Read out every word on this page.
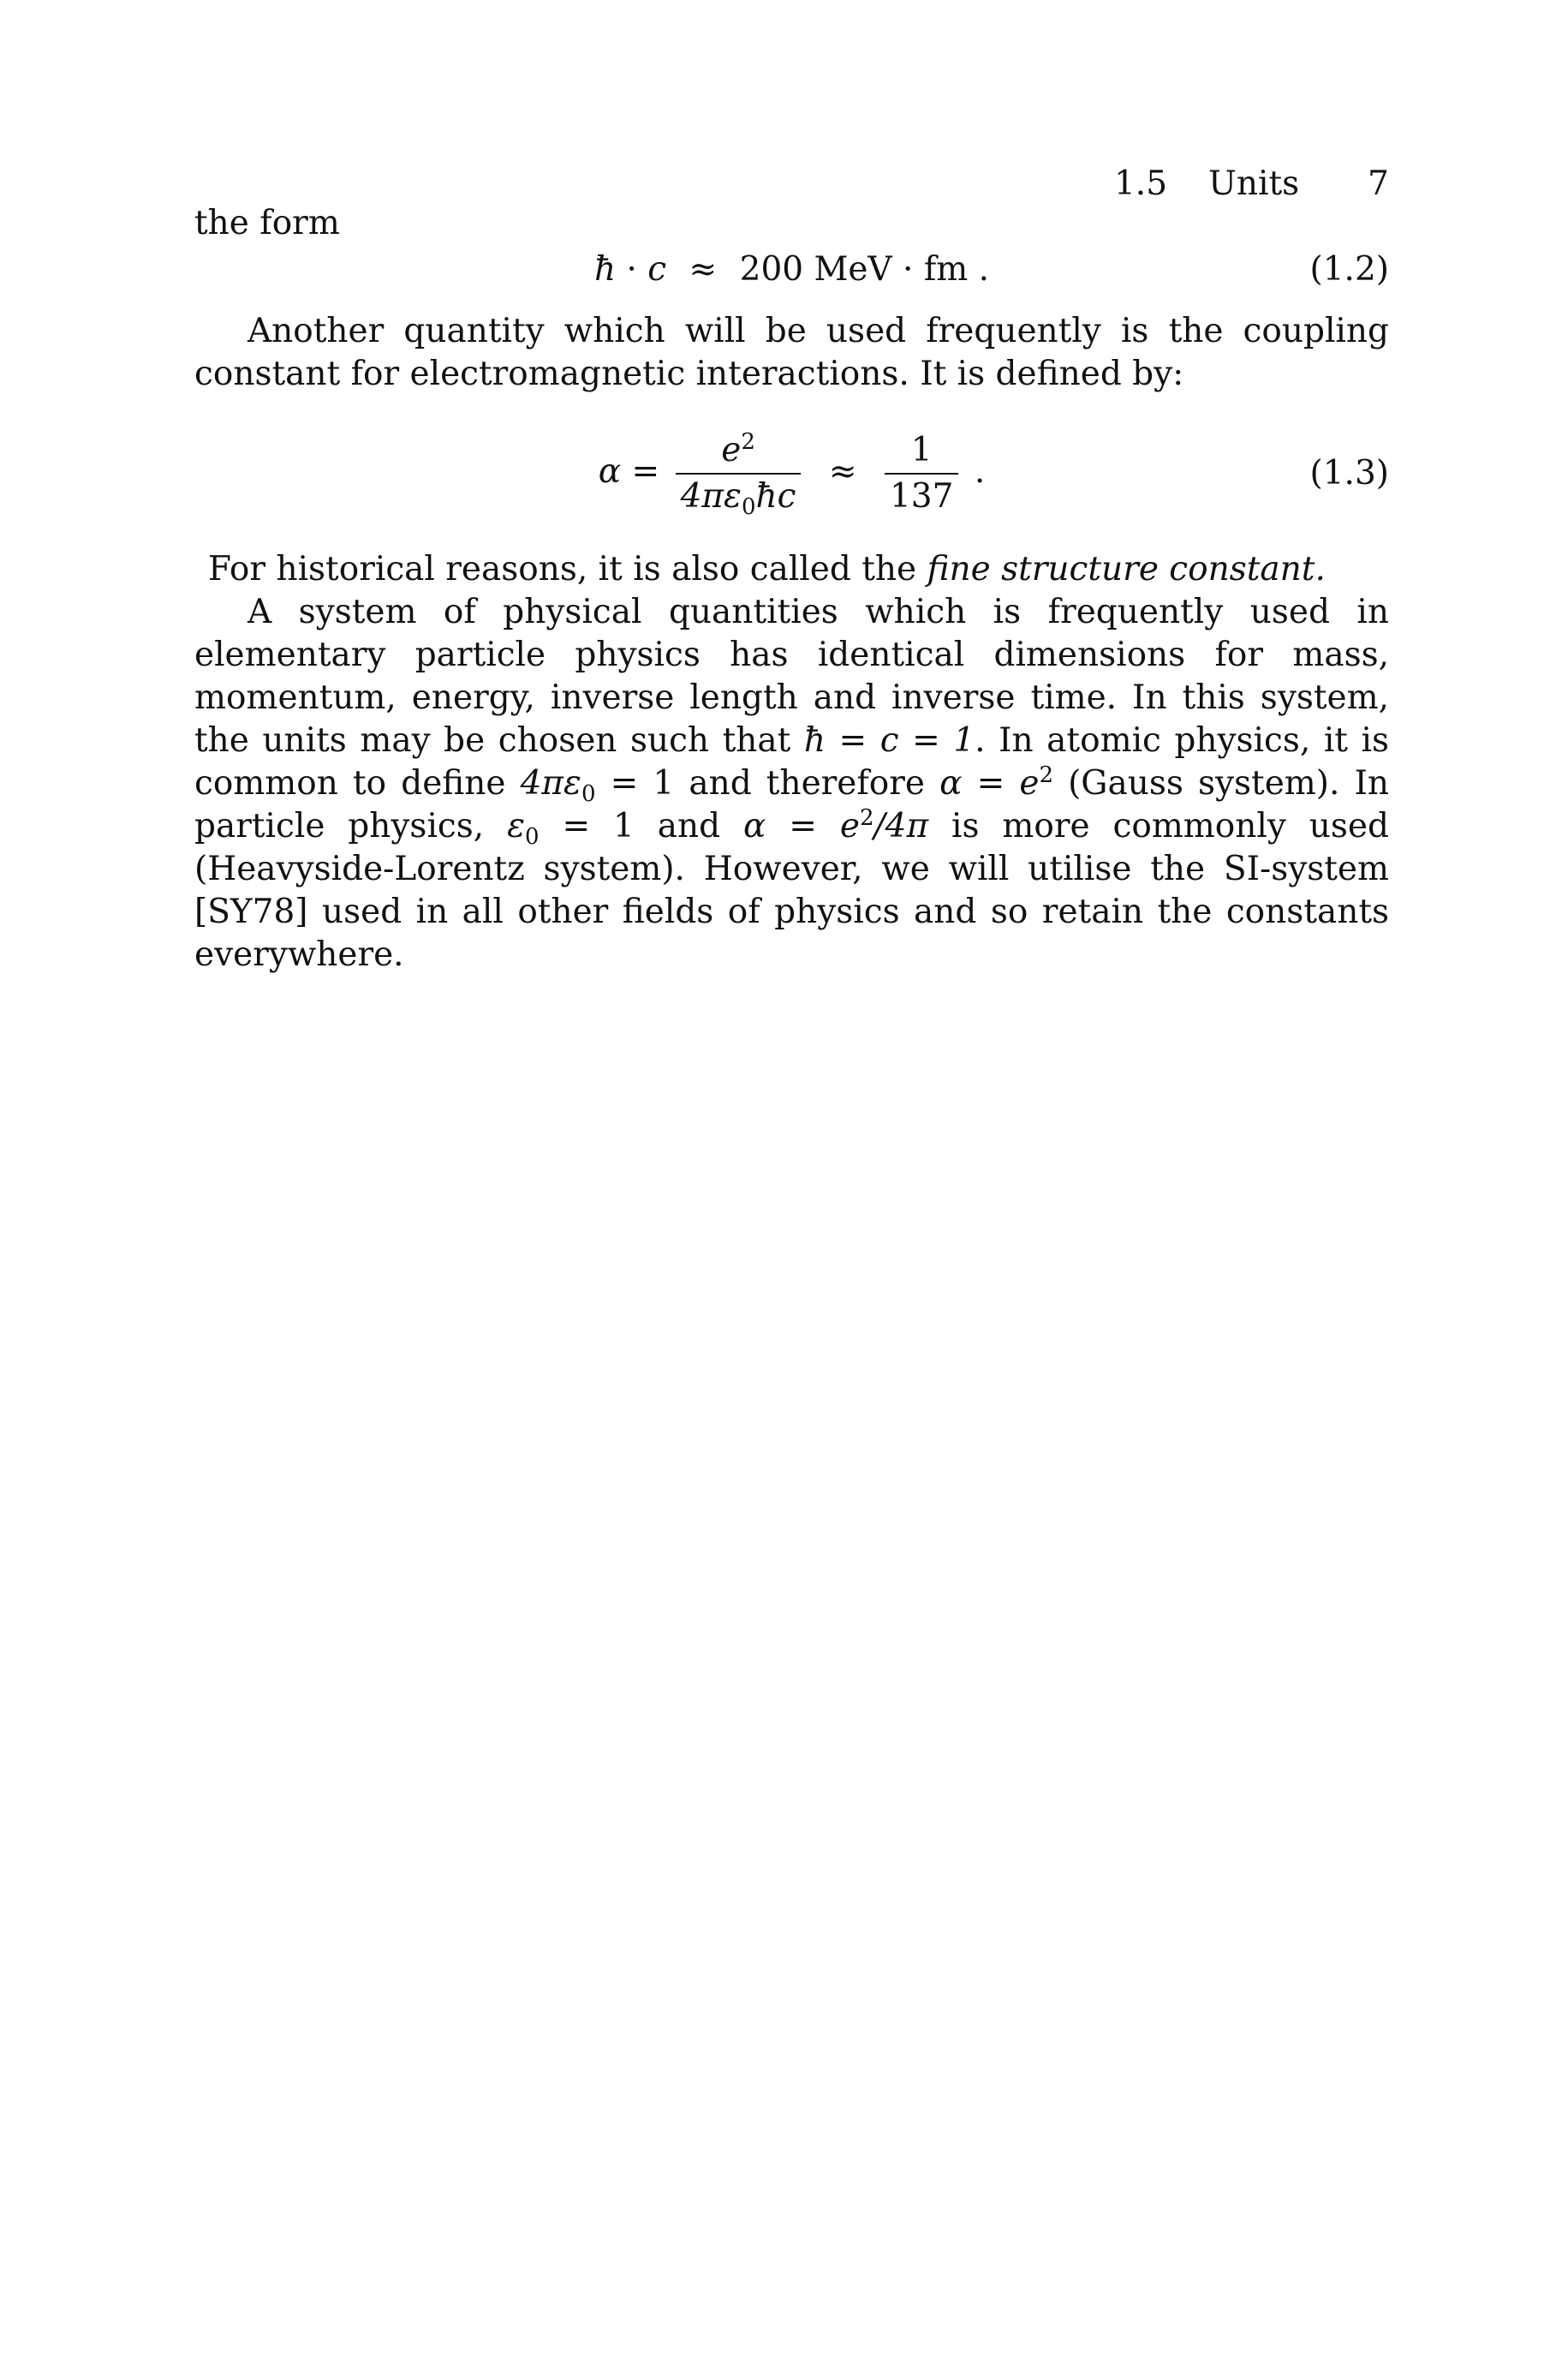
1.5 Units 7

the form
ħ · c ≈ 200 MeV · fm .	(1.2)
Another quantity which will be used frequently is the coupling constant for electromagnetic interactions. It is defined by:
$\alpha = \frac{e^2}{4\pi\varepsilon_0ħc} \approx \frac{1}{137}$ .	(1.3)
For historical reasons, it is also called the fine structure constant.
A system of physical quantities which is frequently used in elementary particle physics has identical dimensions for mass, momentum, energy, inverse length and inverse time. In this system, the units may be chosen such that ħ = c = 1. In atomic physics, it is common to define $4\pi\varepsilon_0 = 1$ and therefore $\alpha = e^2$ (Gauss system). In particle physics, $\varepsilon_0 = 1$ and $\alpha = e^2/4\pi$ is more commonly used (Heavyside-Lorentz system). However, we will utilise the SI-system [SY78] used in all other fields of physics and so retain the constants everywhere.
